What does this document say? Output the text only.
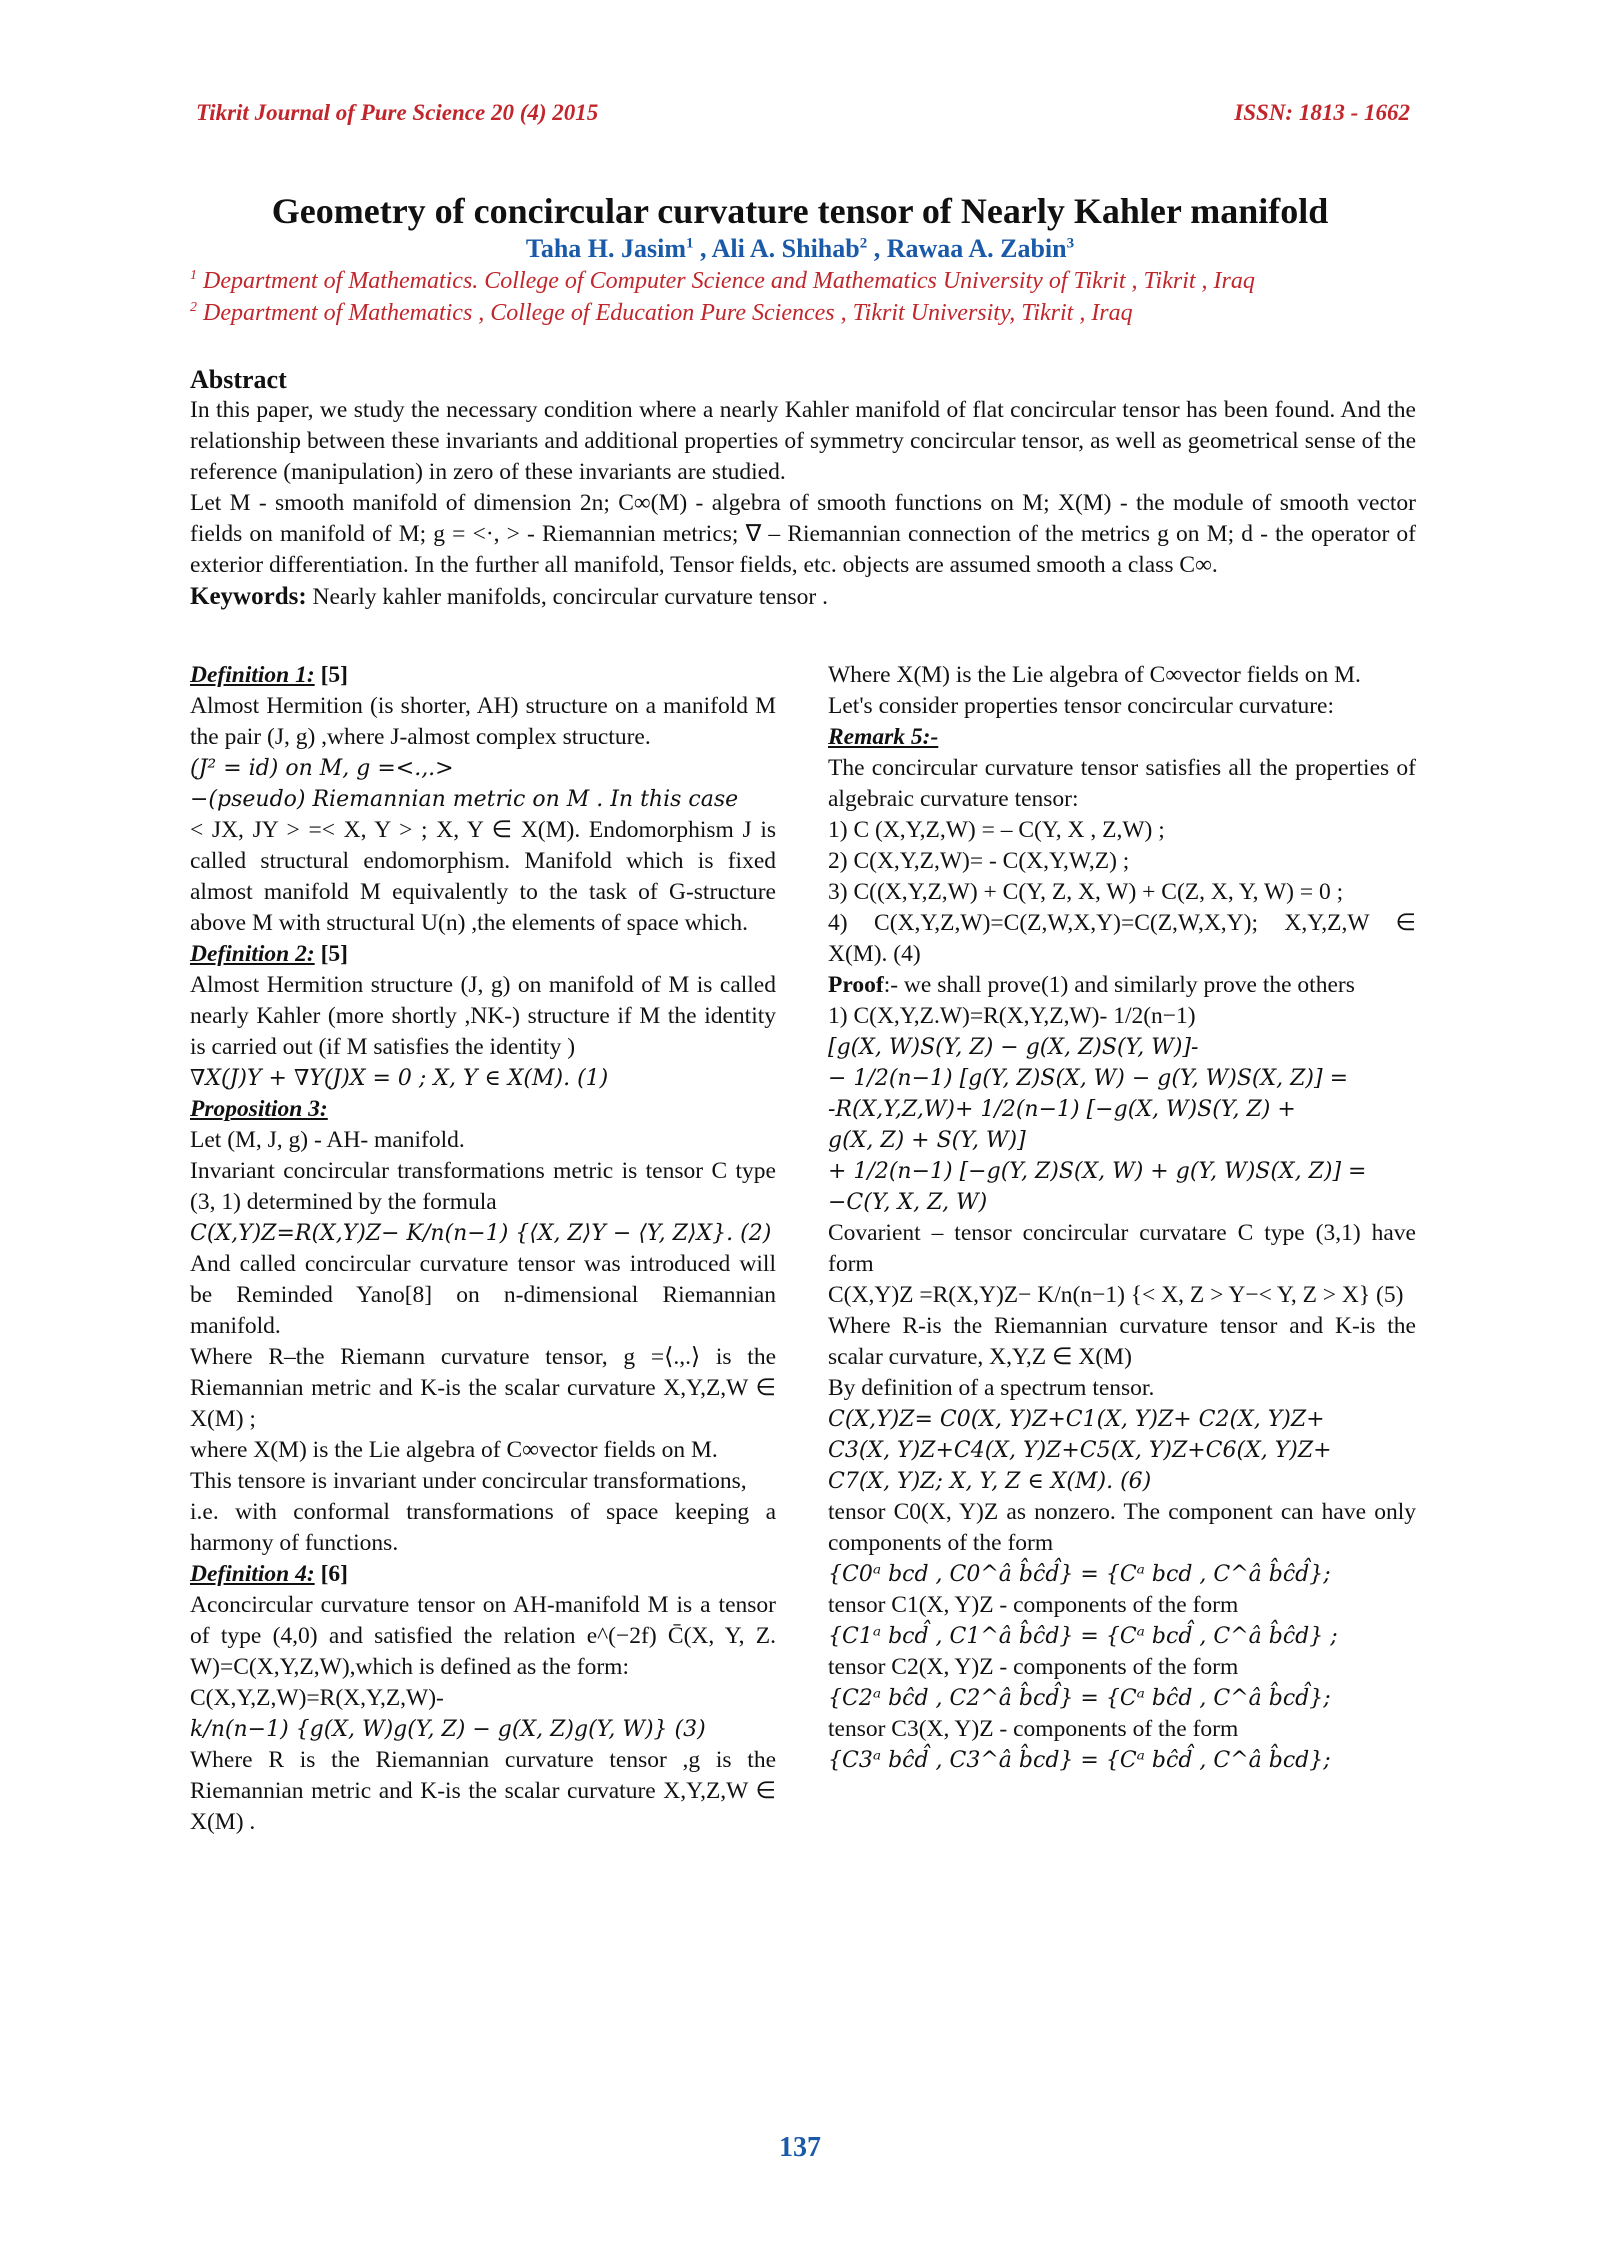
Tikrit Journal of Pure Science 20 (4) 2015	ISSN: 1813 - 1662
Geometry of concircular curvature tensor of Nearly Kahler manifold
Taha H. Jasim$^1$ , Ali A. Shihab$^2$ , Rawaa A. Zabin$^3$
$^1$ Department of Mathematics. College of Computer Science and Mathematics University of Tikrit , Tikrit , Iraq
$^2$ Department of Mathematics , College of Education Pure Sciences , Tikrit University, Tikrit , Iraq

Abstract

In this paper, we study the necessary condition where a nearly Kahler manifold of flat concircular tensor has been found. And the relationship between these invariants and additional properties of symmetry concircular tensor, as well as geometrical sense of the reference (manipulation) in zero of these invariants are studied.

Let M - smooth manifold of dimension 2n; C∞(M) - algebra of smooth functions on M; X(M) - the module of smooth vector fields on manifold of M; g = <·, > - Riemannian metrics; ∇ – Riemannian connection of the metrics g on M; d - the operator of exterior differentiation. In the further all manifold, Tensor fields, etc. objects are assumed smooth a class C∞.

Keywords: Nearly kahler manifolds, concircular curvature tensor .

Definition 1: [5]

Almost Hermition (is shorter, AH) structure on a manifold M the pair (J, g) ,where J-almost complex structure.

(J² = id) on M, g =<.,.>

−(pseudo) Riemannian metric on M . In this case

< JX, JY > =< X, Y > ; X, Y ∈ X(M). Endomorphism J is called structural endomorphism. Manifold which is fixed almost manifold M equivalently to the task of G-structure above M with structural U(n) ,the elements of space which.

Definition 2: [5]

Almost Hermition structure (J, g) on manifold of M is called nearly Kahler (more shortly ,NK-) structure if M the identity is carried out (if M satisfies the identity )

∇X(J)Y + ∇Y(J)X = 0 ; X, Y ∈ X(M). (1)

Proposition 3:

Let (M, J, g) - AH- manifold.

Invariant concircular transformations metric is tensor C type (3, 1) determined by the formula

C(X,Y)Z=R(X,Y)Z− K/n(n−1) {⟨X, Z⟩Y − ⟨Y, Z⟩X}. (2)

And called concircular curvature tensor was introduced will be Reminded Yano[8] on n-dimensional Riemannian manifold.

Where R–the Riemann curvature tensor, g =⟨.,.⟩ is the Riemannian metric and K-is the scalar curvature X,Y,Z,W ∈ X(M) ;

where X(M) is the Lie algebra of C∞vector fields on M.

This tensore is invariant under concircular transformations,

i.e. with conformal transformations of space keeping a harmony of functions.

Definition 4: [6]

Aconcircular curvature tensor on AH-manifold M is a tensor of type (4,0) and satisfied the relation e^(−2f) C̄(X, Y, Z. W)=C(X,Y,Z,W),which is defined as the form:

C(X,Y,Z,W)=R(X,Y,Z,W)-

k/n(n−1) {g(X, W)g(Y, Z) − g(X, Z)g(Y, W)} (3)

Where R is the Riemannian curvature tensor ,g is the Riemannian metric and K-is the scalar curvature X,Y,Z,W ∈ X(M) .

Where X(M) is the Lie algebra of C∞vector fields on M.

Let's consider properties tensor concircular curvature:

Remark 5:-

The concircular curvature tensor satisfies all the properties of algebraic curvature tensor:

1) C (X,Y,Z,W) = – C(Y, X , Z,W) ;

2) C(X,Y,Z,W)= - C(X,Y,W,Z) ;

3) C((X,Y,Z,W) + C(Y, Z, X, W) + C(Z, X, Y, W) = 0 ;

4) C(X,Y,Z,W)=C(Z,W,X,Y)=C(Z,W,X,Y); X,Y,Z,W ∈ X(M). (4)

Proof:- we shall prove(1) and similarly prove the others

1) C(X,Y,Z.W)=R(X,Y,Z,W)- 1/2(n−1)

[g(X, W)S(Y, Z) − g(X, Z)S(Y, W)]-

− 1/2(n−1) [g(Y, Z)S(X, W) − g(Y, W)S(X, Z)] =

-R(X,Y,Z,W)+ 1/2(n−1) [−g(X, W)S(Y, Z) +

g(X, Z) + S(Y, W)]

+ 1/2(n−1) [−g(Y, Z)S(X, W) + g(Y, W)S(X, Z)] =

−C(Y, X, Z, W)

Covarient – tensor concircular curvatare C type (3,1) have form

C(X,Y)Z =R(X,Y)Z− K/n(n−1) {< X, Z > Y−< Y, Z > X} (5)

Where R-is the Riemannian curvature tensor and K-is the scalar curvature, X,Y,Z ∈ X(M)

By definition of a spectrum tensor.

C(X,Y)Z= C0(X, Y)Z+C1(X, Y)Z+ C2(X, Y)Z+

C3(X, Y)Z+C4(X, Y)Z+C5(X, Y)Z+C6(X, Y)Z+

C7(X, Y)Z; X, Y, Z ∈ X(M). (6)

tensor C0(X, Y)Z as nonzero. The component can have only components of the form

{C0ᵃ bcd , C0^â b̂ĉd̂} = {Cᵃ bcd , C^â b̂ĉd̂};

tensor C1(X, Y)Z - components of the form

{C1ᵃ bcd̂ , C1^â b̂ĉd} = {Cᵃ bcd̂ , C^â b̂ĉd} ;

tensor C2(X, Y)Z - components of the form

{C2ᵃ bĉd , C2^â b̂cd̂} = {Cᵃ bĉd , C^â b̂cd̂};

tensor C3(X, Y)Z - components of the form

{C3ᵃ bĉd̂ , C3^â b̂cd} = {Cᵃ bĉd̂ , C^â b̂cd};

137
